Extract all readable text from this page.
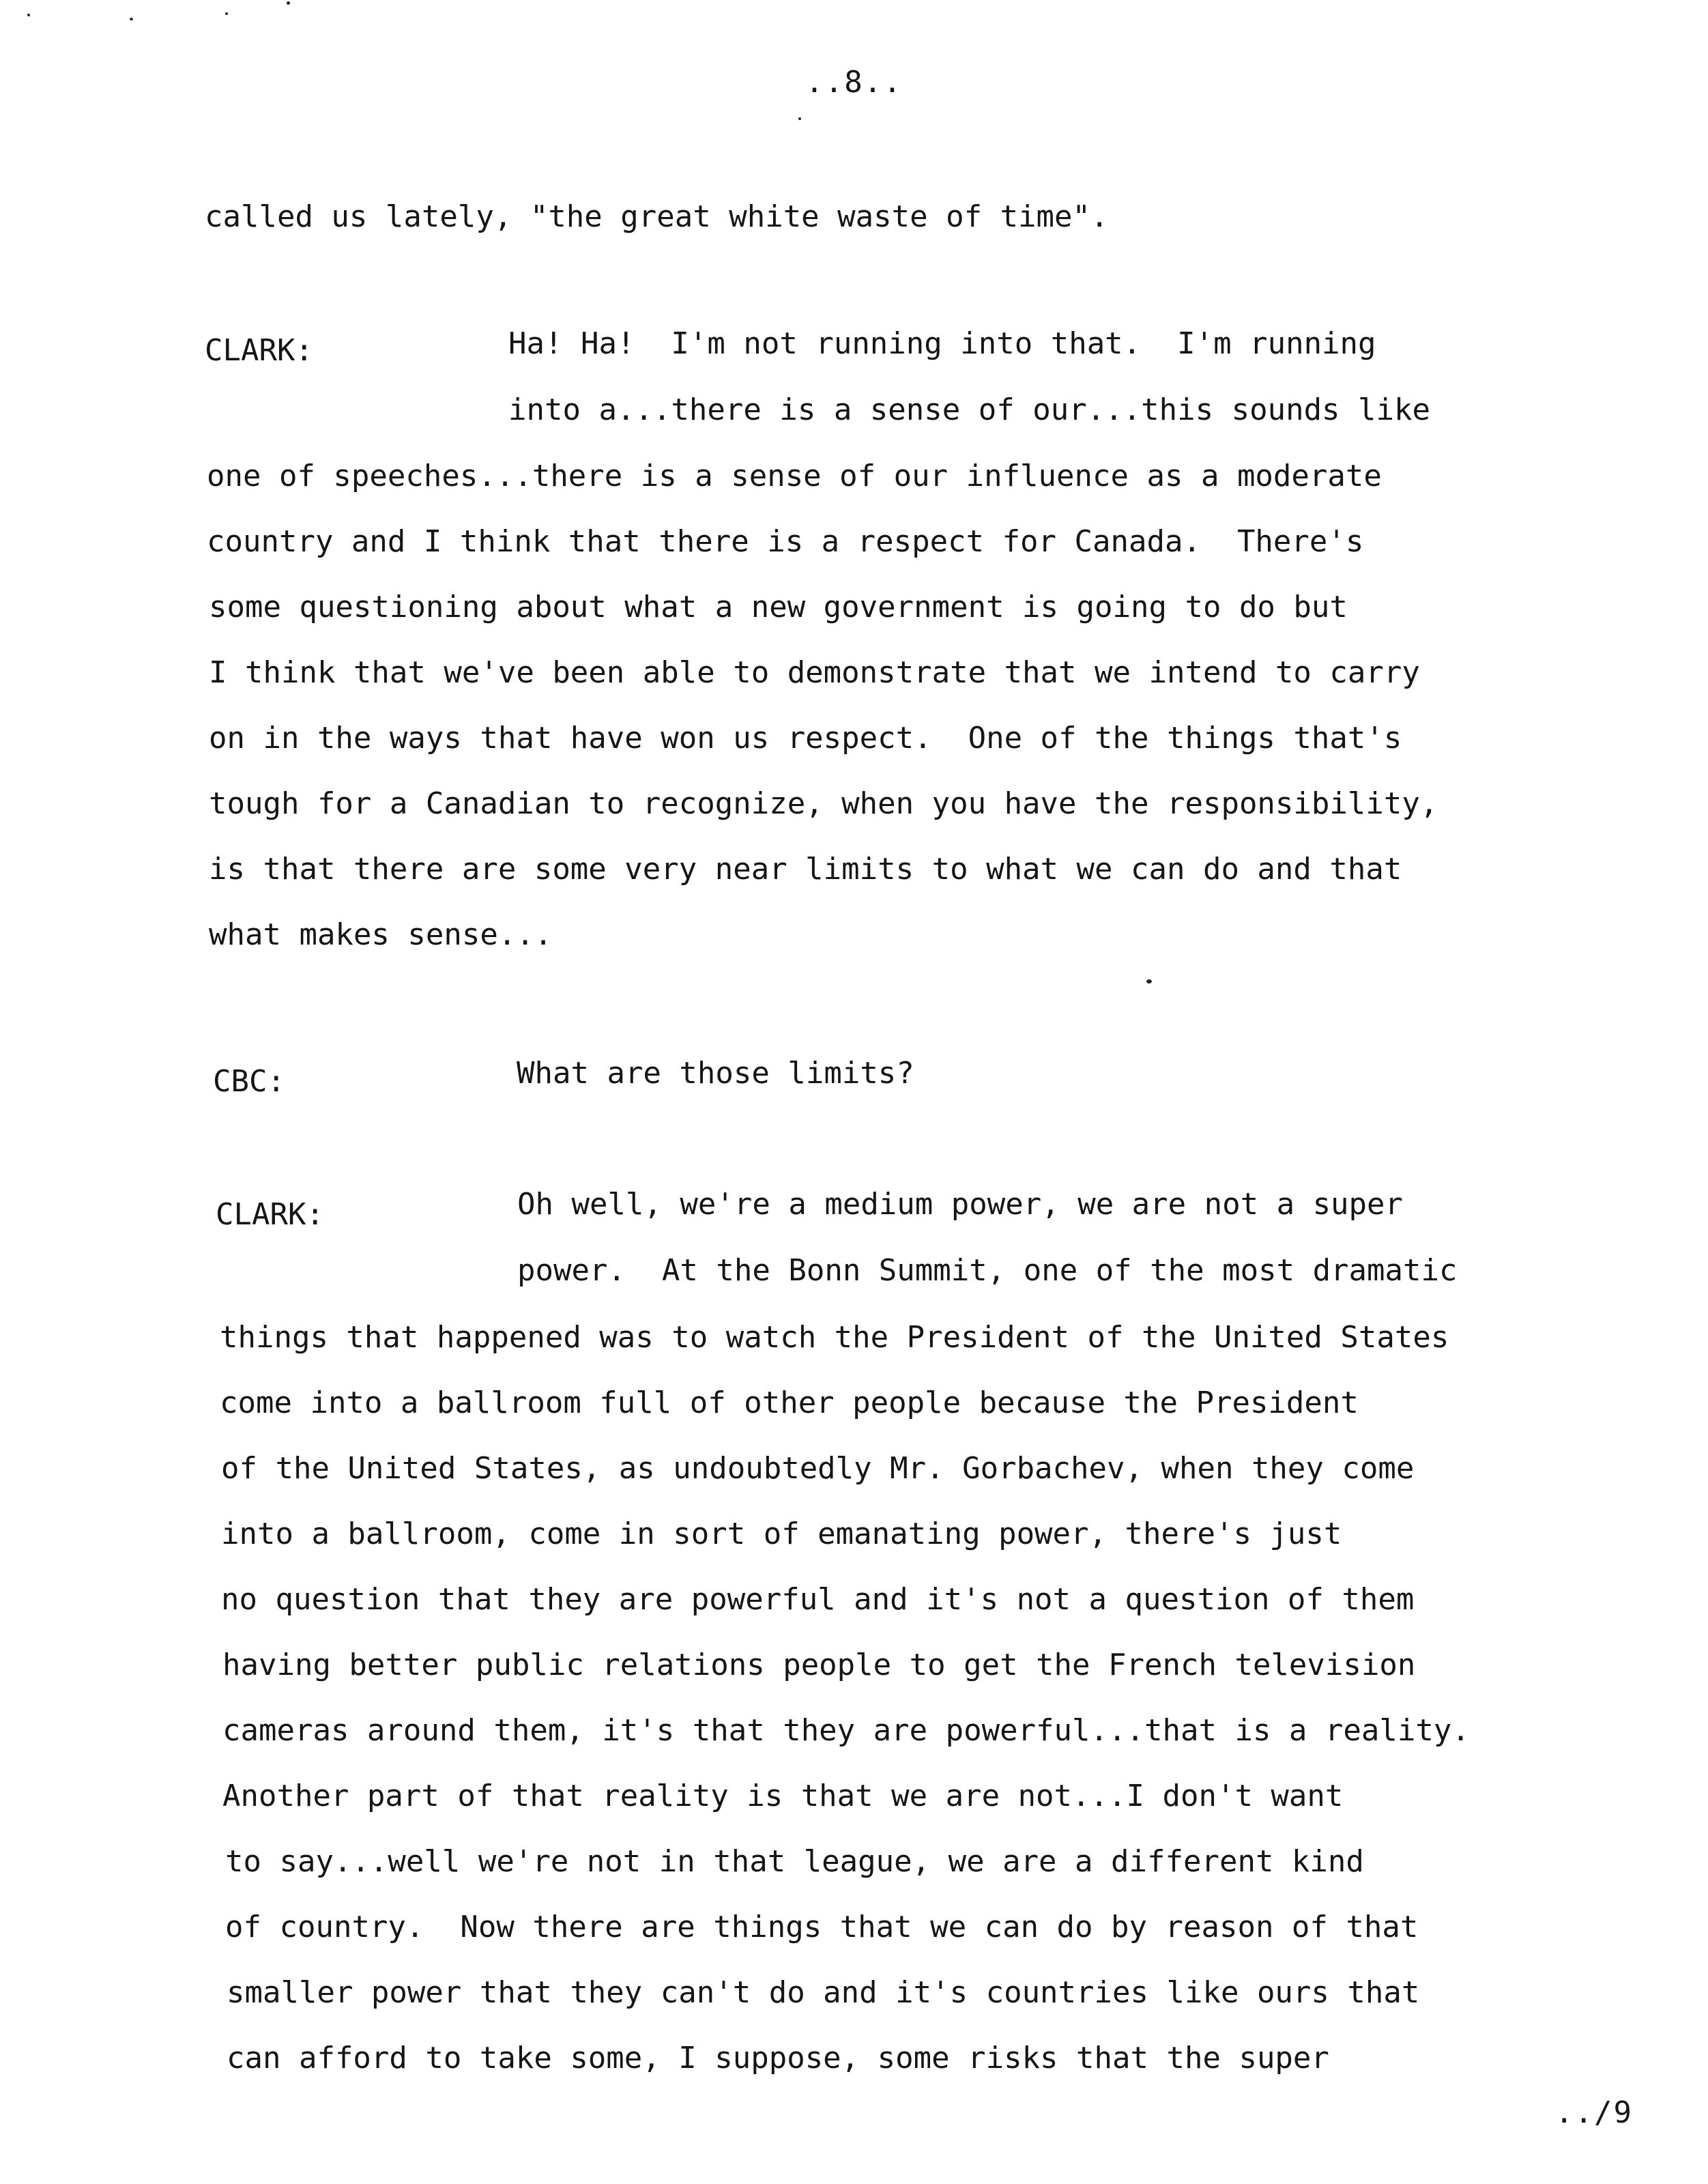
..8..
called us lately, "the great white waste of time".
CLARK:	Ha! Ha!  I'm not running into that.  I'm running
into a...there is a sense of our...this sounds like
one of speeches...there is a sense of our influence as a moderate
country and I think that there is a respect for Canada.  There's
some questioning about what a new government is going to do but
I think that we've been able to demonstrate that we intend to carry
on in the ways that have won us respect.  One of the things that's
tough for a Canadian to recognize, when you have the responsibility,
is that there are some very near limits to what we can do and that
what makes sense...
CBC:	What are those limits?
CLARK:	Oh well, we're a medium power, we are not a super
power.  At the Bonn Summit, one of the most dramatic
things that happened was to watch the President of the United States
come into a ballroom full of other people because the President
of the United States, as undoubtedly Mr. Gorbachev, when they come
into a ballroom, come in sort of emanating power, there's just
no question that they are powerful and it's not a question of them
having better public relations people to get the French television
cameras around them, it's that they are powerful...that is a reality.
Another part of that reality is that we are not...I don't want
to say...well we're not in that league, we are a different kind
of country.  Now there are things that we can do by reason of that
smaller power that they can't do and it's countries like ours that
can afford to take some, I suppose, some risks that the super
../9
